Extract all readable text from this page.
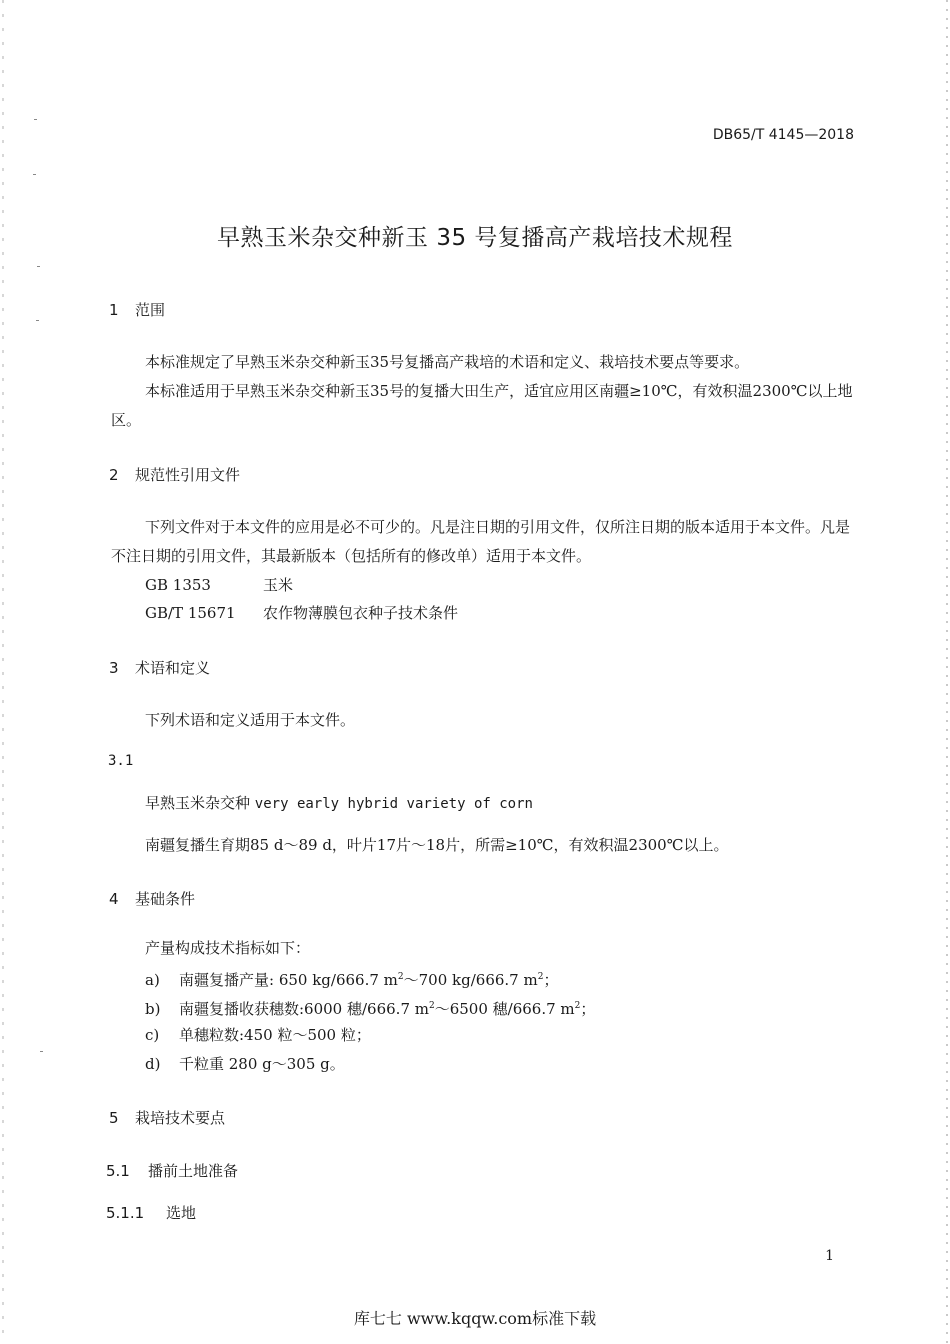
DB65/T 4145—2018
早熟玉米杂交种新玉 35 号复播高产栽培技术规程
1 范围
本标准规定了早熟玉米杂交种新玉35号复播高产栽培的术语和定义、栽培技术要点等要求。
本标准适用于早熟玉米杂交种新玉35号的复播大田生产，适宜应用区南疆≥10℃，有效积温2300℃以上地区。
2 规范性引用文件
下列文件对于本文件的应用是必不可少的。凡是注日期的引用文件，仅所注日期的版本适用于本文件。凡是不注日期的引用文件，其最新版本（包括所有的修改单）适用于本文件。
GB 1353	玉米
GB/T 15671 农作物薄膜包衣种子技术条件
3 术语和定义
下列术语和定义适用于本文件。
3.1
早熟玉米杂交种 very early hybrid variety of corn
南疆复播生育期85 d～89 d，叶片17片～18片，所需≥10℃，有效积温2300℃以上。
4 基础条件
产量构成技术指标如下：
a) 南疆复播产量: 650 kg/666.7 $m^2\sim 700$ kg/666.7 $m^2$；
b) 南疆复播收获穗数:6000 穗/666.7 $m^2\sim 6500$ 穗/666.7 $m^2$；
c) 单穗粒数:450 粒～500 粒；
d) 千粒重 280 g～305 g。
5 栽培技术要点
5.1 播前土地准备
5.1.1 选地
1
库七七 www.kqqw.com标准下载
